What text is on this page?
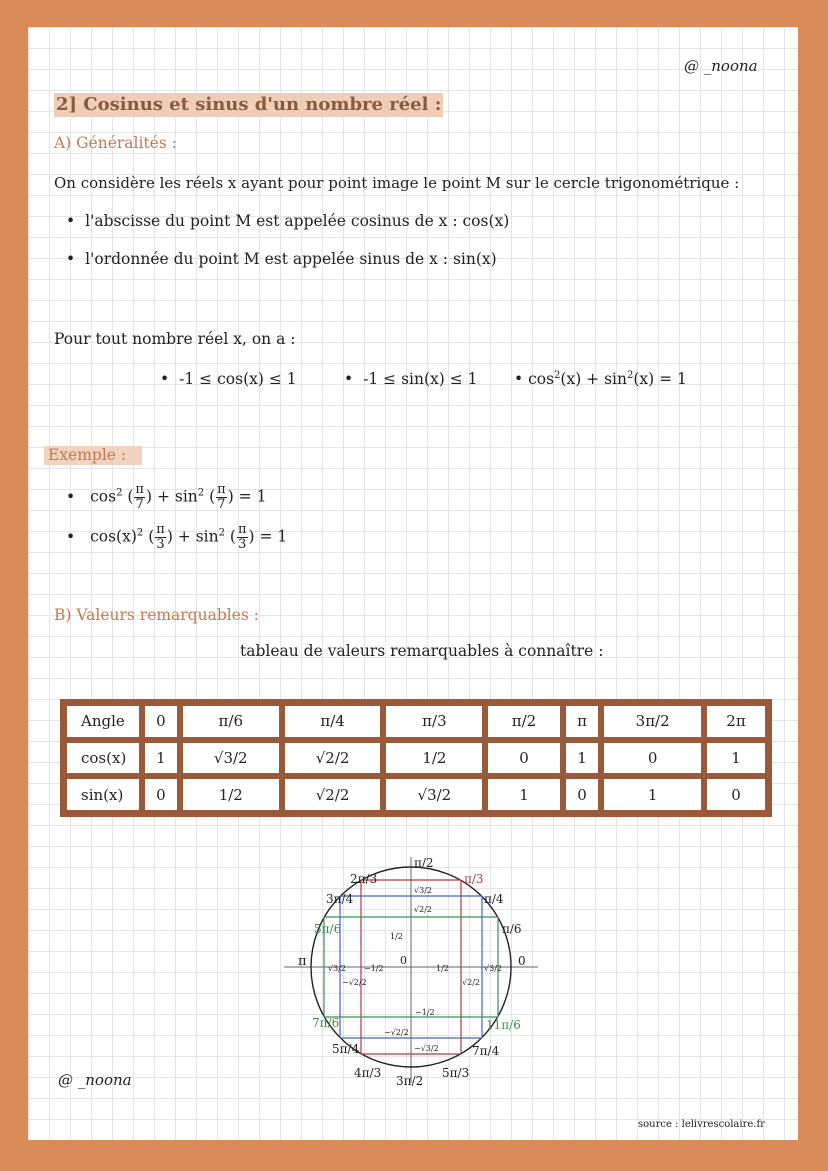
@ _noona
2] Cosinus et sinus d'un nombre réel :
A) Généralités :
On considère les réels x ayant pour point image le point M sur le cercle trigonométrique :
• l'abscisse du point M est appelée cosinus de x : cos(x)
• l'ordonnée du point M est appelée sinus de x : sin(x)
Pour tout nombre réel x, on a :
• -1 ≤ cos(x) ≤ 1	• -1 ≤ sin(x) ≤ 1 • $\cos^2(x) + \sin^2(x) = 1$
Exemple :
• $\cos^2$ ( $\frac{\pi}{7}$ ) + $\sin^2$ ( $\frac{\pi}{7}$ ) = 1
• $\cos(x)^2$ ( $\frac{\pi}{3}$ ) + $\sin^2$ ( $\frac{\pi}{3}$ ) = 1
B) Valeurs remarquables :
tableau de valeurs remarquables à connaître :
Angle	0	π/6	π/4	π/3	π/2	π	3π/2	2π
cos(x)	1	√3/2	√2/2	1/2	0	1	0	1
sin(x)	0	1/2	√2/2	√3/2	1	0	1	0
π/2
π/3
π/4
π/6
0
11π/6
7π/4
5π/3
3π/2
4π/3
5π/4
7π/6
π
5π/6
3π/4
2π/3
0
1/2
−1/2	√3/2
√3/2
√2/2
−√2/2
1/2
−1/2
√3/2
√2/2
−√2/2
−√3/2
@ _noona
source : lelivrescolaire.fr
